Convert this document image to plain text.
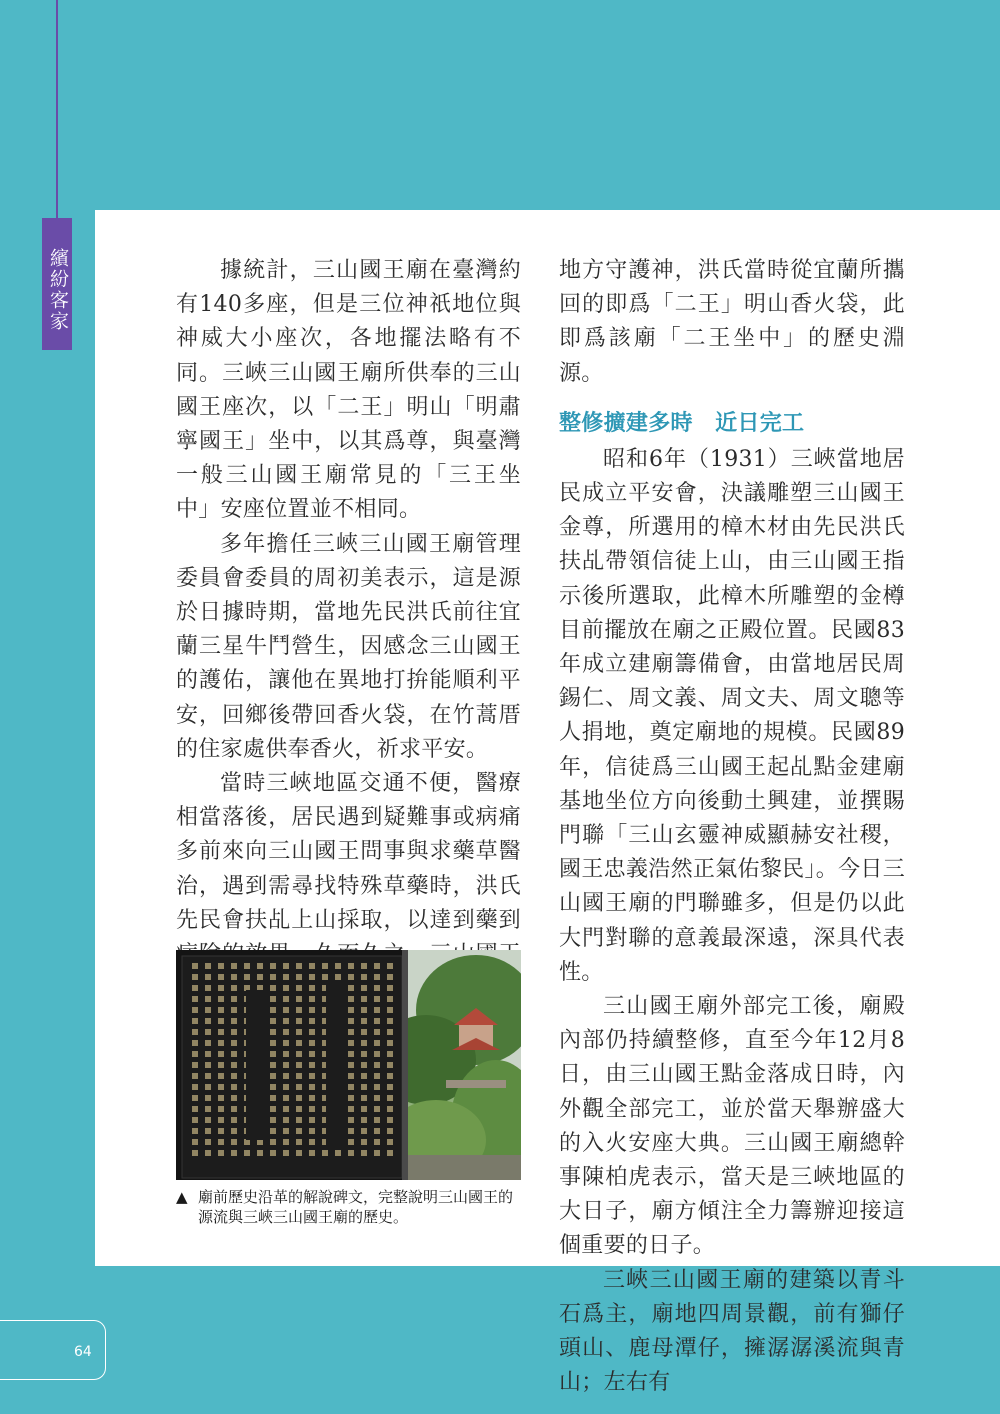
繽紛客家	據統計，三山國王廟在臺灣約有140多座，但是三位神祇地位與神威大小座次，各地擺法略有不同。三峽三山國王廟所供奉的三山國王座次，以「二王」明山「明肅寧國王」坐中，以其爲尊，與臺灣一般三山國王廟常見的「三王坐中」安座位置並不相同。

多年擔任三峽三山國王廟管理委員會委員的周初美表示，這是源於日據時期，當地先民洪氏前往宜蘭三星牛鬥營生，因感念三山國王的護佑，讓他在異地打拚能順利平安，回鄉後帶回香火袋，在竹蒿厝的住家處供奉香火，祈求平安。

當時三峽地區交通不便，醫療相當落後，居民遇到疑難事或病痛多前來向三山國王問事與求藥草醫治，遇到需尋找特殊草藥時，洪氏先民會扶乩上山採取，以達到藥到

▲ 廟前歷史沿革的解說碑文，完整說明三山國王的源流與三峽三山國王廟的歷史。

地方守護神，洪氏當時從宜蘭所攜回的即爲「二王」明山香火袋，此即爲該廟「二王坐中」的歷史淵源。

整修擴建多時　近日完工

昭和6年（1931）三峽當地居民成立平安會，決議雕塑三山國王金尊，所選用的樟木材由先民洪氏扶乩帶領信徒上山，由三山國王指示後所選取，此樟木所雕塑的金樽目前擺放在廟之正殿位置。民國83年成立建廟籌備會，由當地居民周錫仁、周文義、周文夫、周文聰等人捐地，奠定廟地的規模。民國89年，信徒爲三山國王起乩點金建廟基地坐位方向後動土興建，並撰賜門聯「三山玄靈神威顯赫安社稷，國王忠義浩然正氣佑黎民」。今日三山國王廟的門聯雖多，但是仍以此大門對聯的意義最深遠，深具代表性。

三山國王廟外部完工後，廟殿內部仍持續整修，直至今年12月8日，由三山國王點金落成日時，內外觀全部完工，並於當天舉辦盛大的入火安座大典。三山國王廟總幹事陳柏虎表示，當天是三峽地區的大日子，廟方傾注全力籌辦迎接這個重要的日子。

三峽三山國王廟的建築以青斗石爲主，廟地四周景觀，前有獅仔頭山、鹿母潭仔，擁潺潺溪流與青山；左右有

64
